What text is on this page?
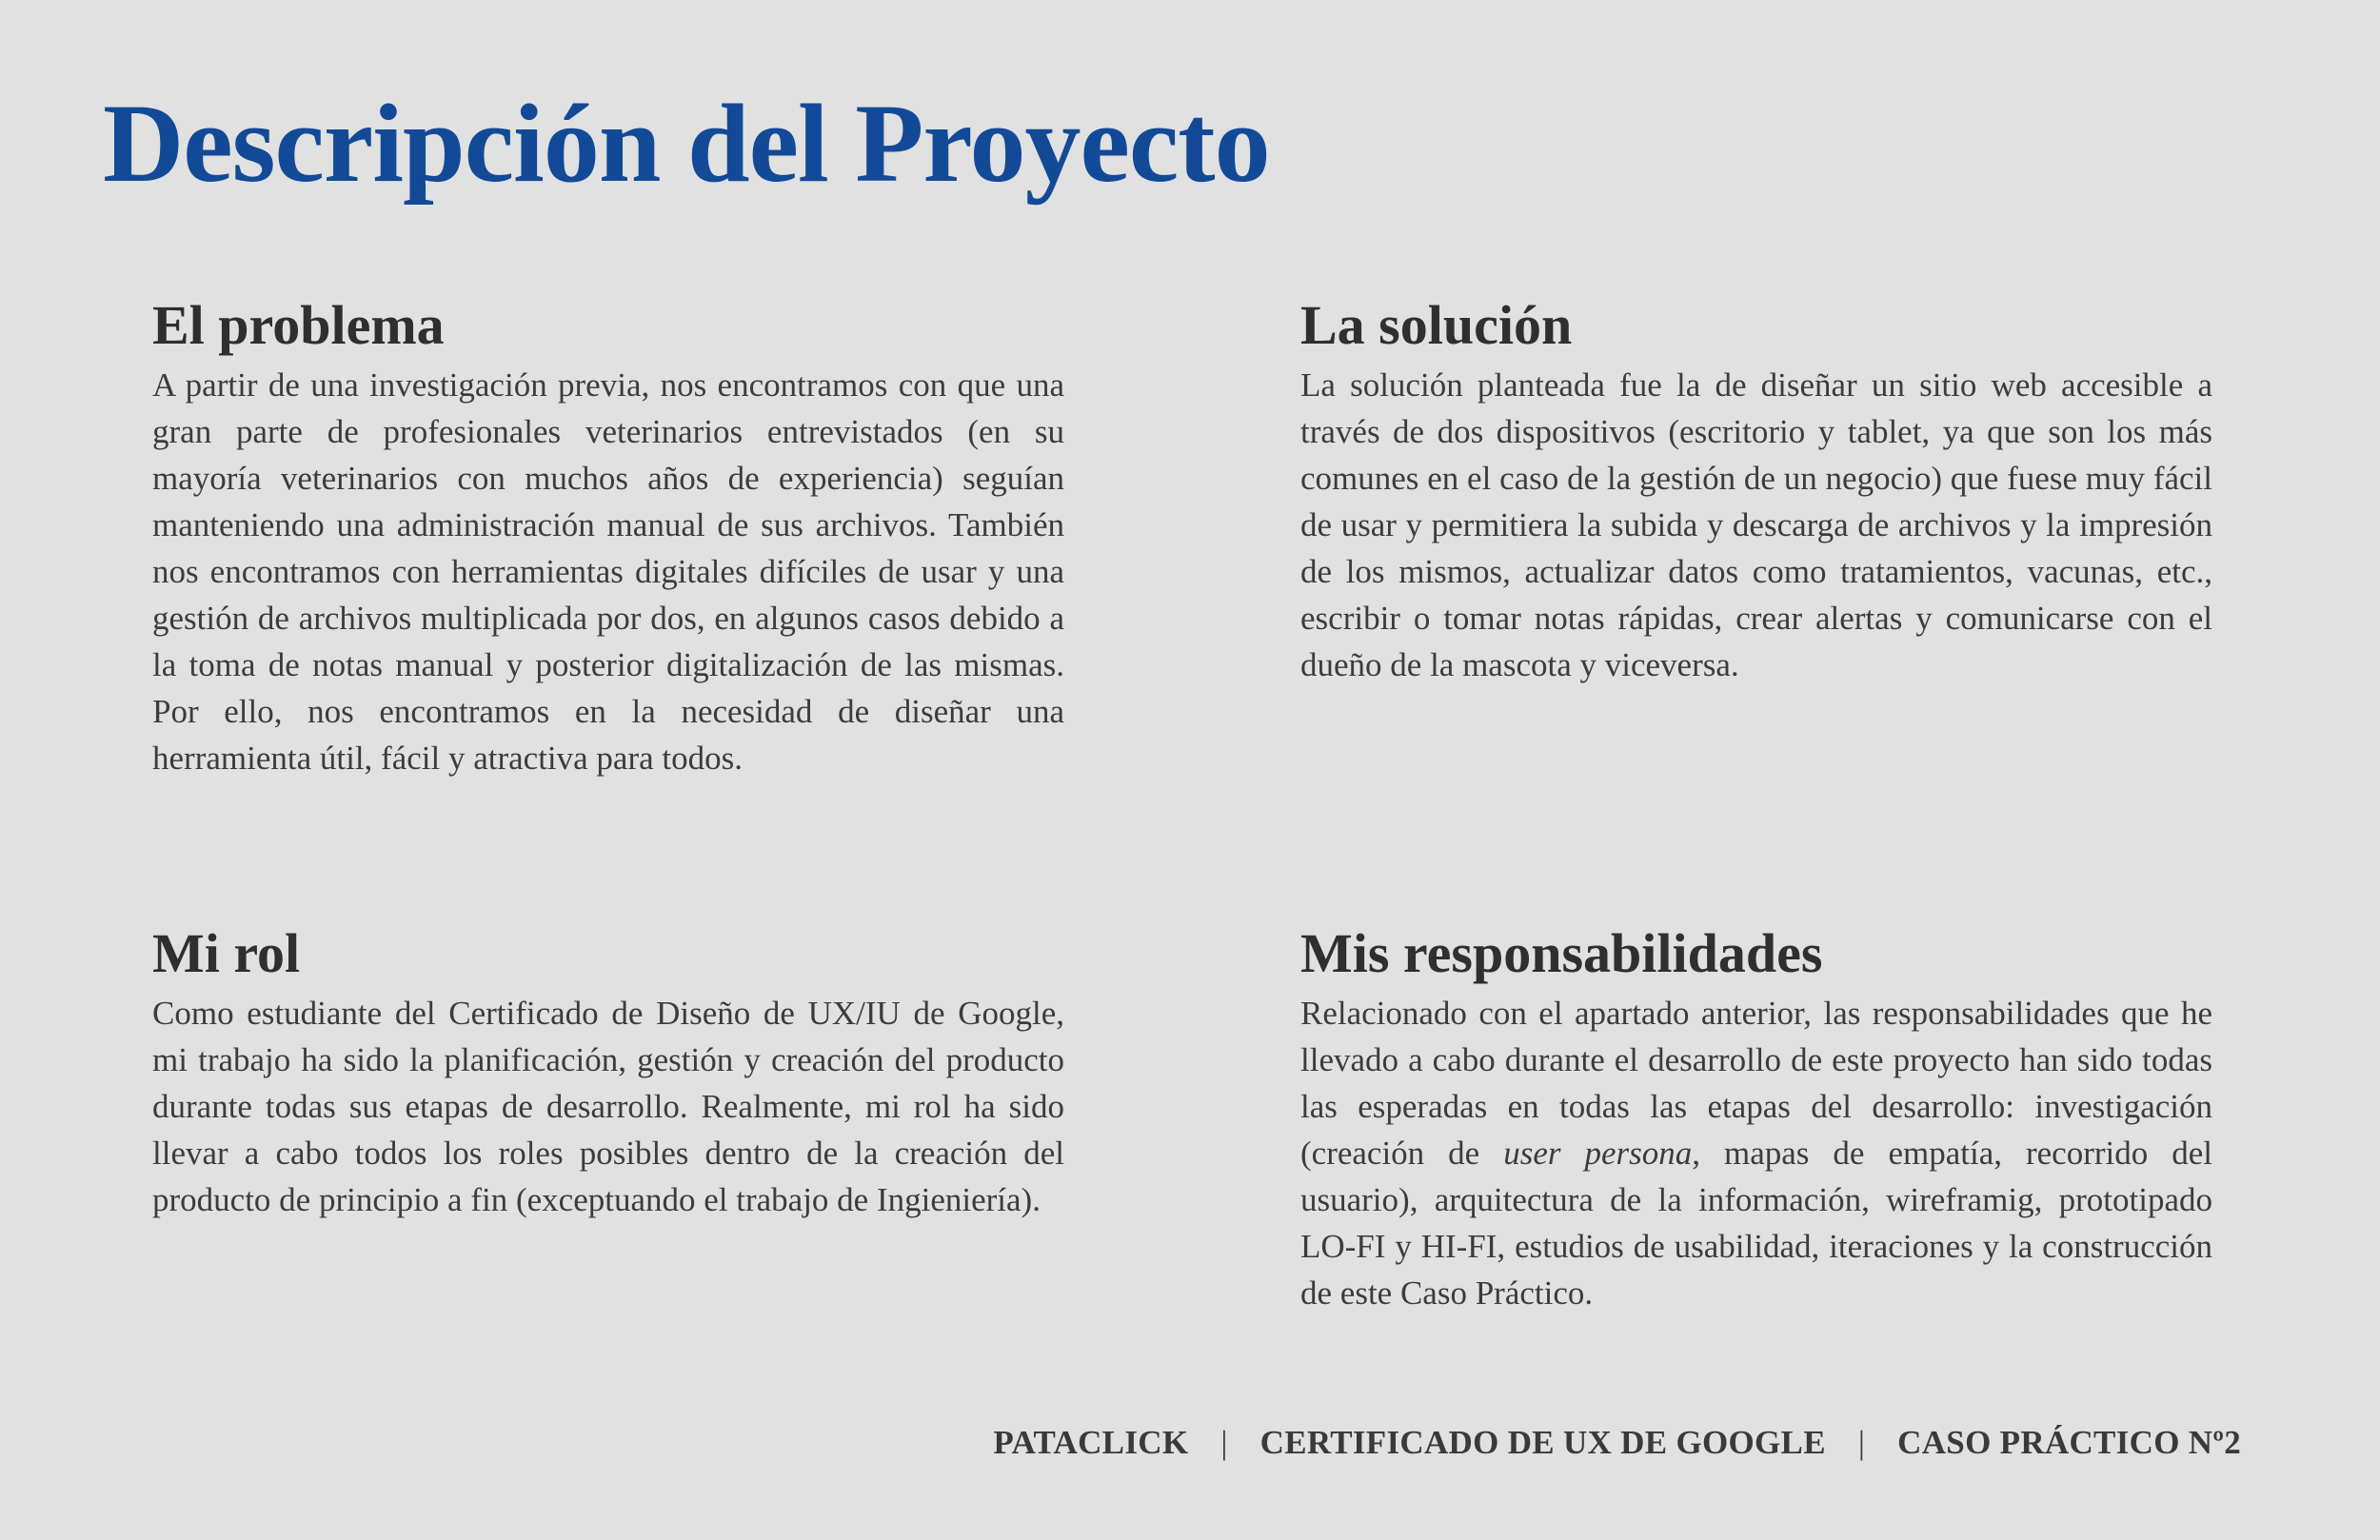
Descripción del Proyecto
El problema

A partir de una investigación previa, nos encontramos con que una gran parte de profesionales veterinarios entrevistados (en su mayoría veterinarios con muchos años de experiencia) seguían manteniendo una administración manual de sus archivos. También nos encontramos con herramientas digitales difíciles de usar y una gestión de archivos multiplicada por dos, en algunos casos debido a la toma de notas manual y posterior digitalización de las mismas. Por ello, nos encontramos en la necesidad de diseñar una herramienta útil, fácil y atractiva para todos.

La solución

La solución planteada fue la de diseñar un sitio web accesible a través de dos dispositivos (escritorio y tablet, ya que son los más comunes en el caso de la gestión de un negocio) que fuese muy fácil de usar y permitiera la subida y descarga de archivos y la impresión de los mismos, actualizar datos como tratamientos, vacunas, etc., escribir o tomar notas rápidas, crear alertas y comunicarse con el dueño de la mascota y viceversa.

Mi rol

Como estudiante del Certificado de Diseño de UX/IU de Google, mi trabajo ha sido la planificación, gestión y creación del producto durante todas sus etapas de desarrollo. Realmente, mi rol ha sido llevar a cabo todos los roles posibles dentro de la creación del producto de principio a fin (exceptuando el trabajo de Ingieniería).

Mis responsabilidades

Relacionado con el apartado anterior, las responsabilidades que he llevado a cabo durante el desarrollo de este proyecto han sido todas las esperadas en todas las etapas del desarrollo: investigación (creación de user persona, mapas de empatía, recorrido del usuario), arquitectura de la información, wireframig, prototipado LO-FI y HI-FI, estudios de usabilidad, iteraciones y la construcción de este Caso Práctico.

PATACLICK | CERTIFICADO DE UX DE GOOGLE | CASO PRÁCTICO Nº2
